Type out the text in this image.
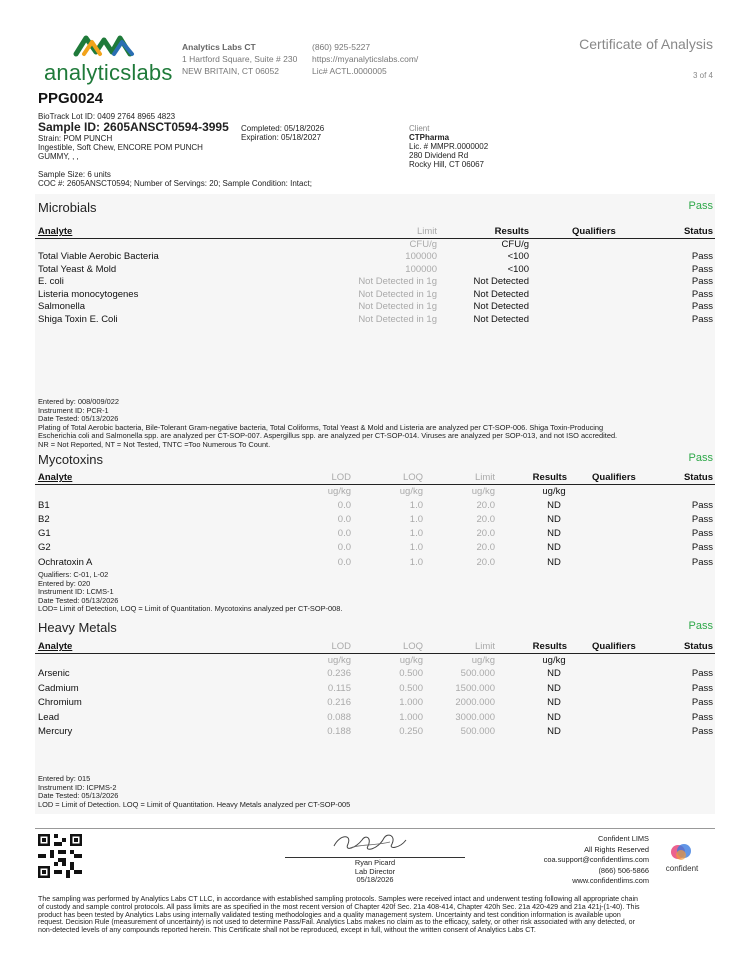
analyticslabs
Analytics Labs CT
1 Hartford Square, Suite # 230
NEW BRITAIN, CT 06052
(860) 925-5227
https://myanalyticslabs.com/
Lic# ACTL.0000005
Certificate of Analysis
3 of 4
PPG0024
BioTrack Lot ID: 0409 2764 8965 4823
Sample ID: 2605ANSCT0594-3995
Strain: POM PUNCH
Ingestible, Soft Chew, ENCORE POM PUNCH
GUMMY, , ,
Completed: 05/18/2026
Expiration: 05/18/2027
Sample Size: 6 units
COC #: 2605ANSCT0594; Number of Servings: 20; Sample Condition: Intact;
Client
CTPharma
Lic. # MMPR.0000002
280 Dividend Rd
Rocky Hill, CT 06067
Microbials	Pass
Analyte	Limit	Results	Qualifiers	Status
CFU/g	CFU/g
Total Viable Aerobic Bacteria	100000	<100	Pass
Total Yeast & Mold	100000	<100	Pass
E. coli	Not Detected in 1g	Not Detected	Pass
Listeria monocytogenes	Not Detected in 1g	Not Detected	Pass
Salmonella	Not Detected in 1g	Not Detected	Pass
Shiga Toxin E. Coli	Not Detected in 1g	Not Detected	Pass
Entered by: 008/009/022
Instrument ID: PCR-1
Date Tested: 05/13/2026
Plating of Total Aerobic bacteria, Bile-Tolerant Gram-negative bacteria, Total Coliforms, Total Yeast & Mold and Listeria are analyzed per CT-SOP-006. Shiga Toxin-Producing
Escherichia coli and Salmonella spp. are analyzed per CT-SOP-007. Aspergillus spp. are analyzed per CT-SOP-014. Viruses are analyzed per SOP-013, and not ISO accredited.
NR = Not Reported, NT = Not Tested, TNTC =Too Numerous To Count.
Mycotoxins	Pass
Analyte	LOD	LOQ	Limit	Results	Qualifiers	Status
ug/kg	ug/kg	ug/kg	ug/kg
B1	0.0	1.0	20.0	ND	Pass
B2	0.0	1.0	20.0	ND	Pass
G1	0.0	1.0	20.0	ND	Pass
G2	0.0	1.0	20.0	ND	Pass
Ochratoxin A	0.0	1.0	20.0	ND	Pass
Qualifiers: C-01, L-02
Entered by: 020
Instrument ID: LCMS-1
Date Tested: 05/13/2026
LOD= Limit of Detection, LOQ = Limit of Quantitation. Mycotoxins analyzed per CT-SOP-008.
Heavy Metals	Pass
Analyte	LOD	LOQ	Limit	Results	Qualifiers	Status
ug/kg	ug/kg	ug/kg	ug/kg
Arsenic	0.236	0.500	500.000	ND	Pass
Cadmium	0.115	0.500	1500.000	ND	Pass
Chromium	0.216	1.000	2000.000	ND	Pass
Lead	0.088	1.000	3000.000	ND	Pass
Mercury	0.188	0.250	500.000	ND	Pass
Entered by: 015
Instrument ID: ICPMS-2
Date Tested: 05/13/2026
LOD = Limit of Detection. LOQ = Limit of Quantitation. Heavy Metals analyzed per CT-SOP-005
Ryan Picard
Lab Director
05/18/2026
Confident LIMS
All Rights Reserved
coa.support@confidentlims.com
(866) 506-5866
www.confidentlims.com
confident
The sampling was performed by Analytics Labs CT LLC, in accordance with established sampling protocols. Samples were received intact and underwent testing following all appropriate chain
of custody and sample control protocols. All pass limits are as specified in the most recent version of Chapter 420f Sec. 21a 408-414, Chapter 420h Sec. 21a 420-429 and 21a 421j-(1-40). This
product has been tested by Analytics Labs using internally validated testing methodologies and a quality management system. Uncertainty and test condition information is available upon
request. Decision Rule (measurement of uncertainty) is not used to determine Pass/Fail. Analytics Labs makes no claim as to the efficacy, safety, or other risk associated with any detected, or
non-detected levels of any compounds reported herein. This Certificate shall not be reproduced, except in full, without the written consent of Analytics Labs CT.
